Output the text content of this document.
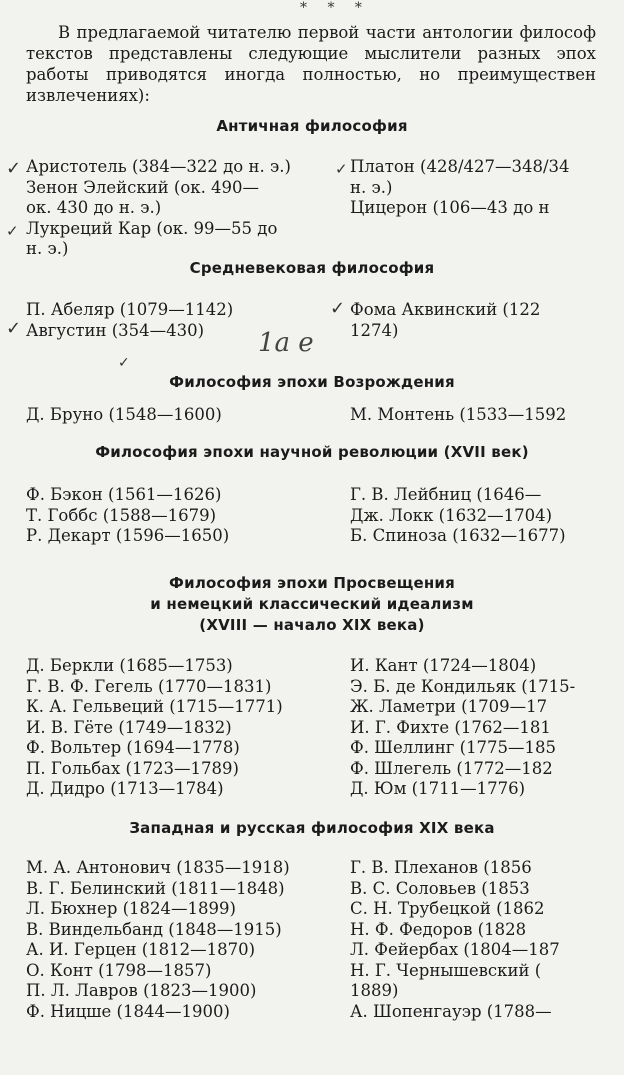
* * *
В предлагаемой читателю первой части антологии философ текстов представлены следующие мыслители разных эпох работы приводятся иногда полностью, но преимуществен извлечениях):
Античная философия
Аристотель (384—322 до н. э.)
Зенон Элейский (ок. 490—
ок. 430 до н. э.)
Лукреций Кар (ок. 99—55 до
н. э.)
Платон (428/427—348/34
н. э.)
Цицерон (106—43 до н
✓	✓
✓
Средневековая философия
П. Абеляр (1079—1142)
Августин (354—430)
Фома Аквинский (122
1274)
✓
✓
1а е
✓
Философия эпохи Возрождения
Д. Бруно (1548—1600)	М. Монтень (1533—1592
Философия эпохи научной революции (XVII век)
Ф. Бэкон (1561—1626)
Т. Гоббс (1588—1679)
Р. Декарт (1596—1650)
Г. В. Лейбниц (1646—
Дж. Локк (1632—1704)
Б. Спиноза (1632—1677)
Философия эпохи Просвещения
и немецкий классический идеализм
(XVIII — начало XIX века)
Д. Беркли (1685—1753)
Г. В. Ф. Гегель (1770—1831)
К. А. Гельвеций (1715—1771)
И. В. Гёте (1749—1832)
Ф. Вольтер (1694—1778)
П. Гольбах (1723—1789)
Д. Дидро (1713—1784)
И. Кант (1724—1804)
Э. Б. де Кондильяк (1715-
Ж. Ламетри (1709—17
И. Г. Фихте (1762—181
Ф. Шеллинг (1775—185
Ф. Шлегель (1772—182
Д. Юм (1711—1776)
Западная и русская философия XIX века
М. А. Антонович (1835—1918)
В. Г. Белинский (1811—1848)
Л. Бюхнер (1824—1899)
В. Виндельбанд (1848—1915)
А. И. Герцен (1812—1870)
О. Конт (1798—1857)
П. Л. Лавров (1823—1900)
Ф. Ницше (1844—1900)
Г. В. Плеханов (1856
В. С. Соловьев (1853
С. Н. Трубецкой (1862
Н. Ф. Федоров (1828
Л. Фейербах (1804—187
Н. Г. Чернышевский (
1889)
А. Шопенгауэр (1788—
